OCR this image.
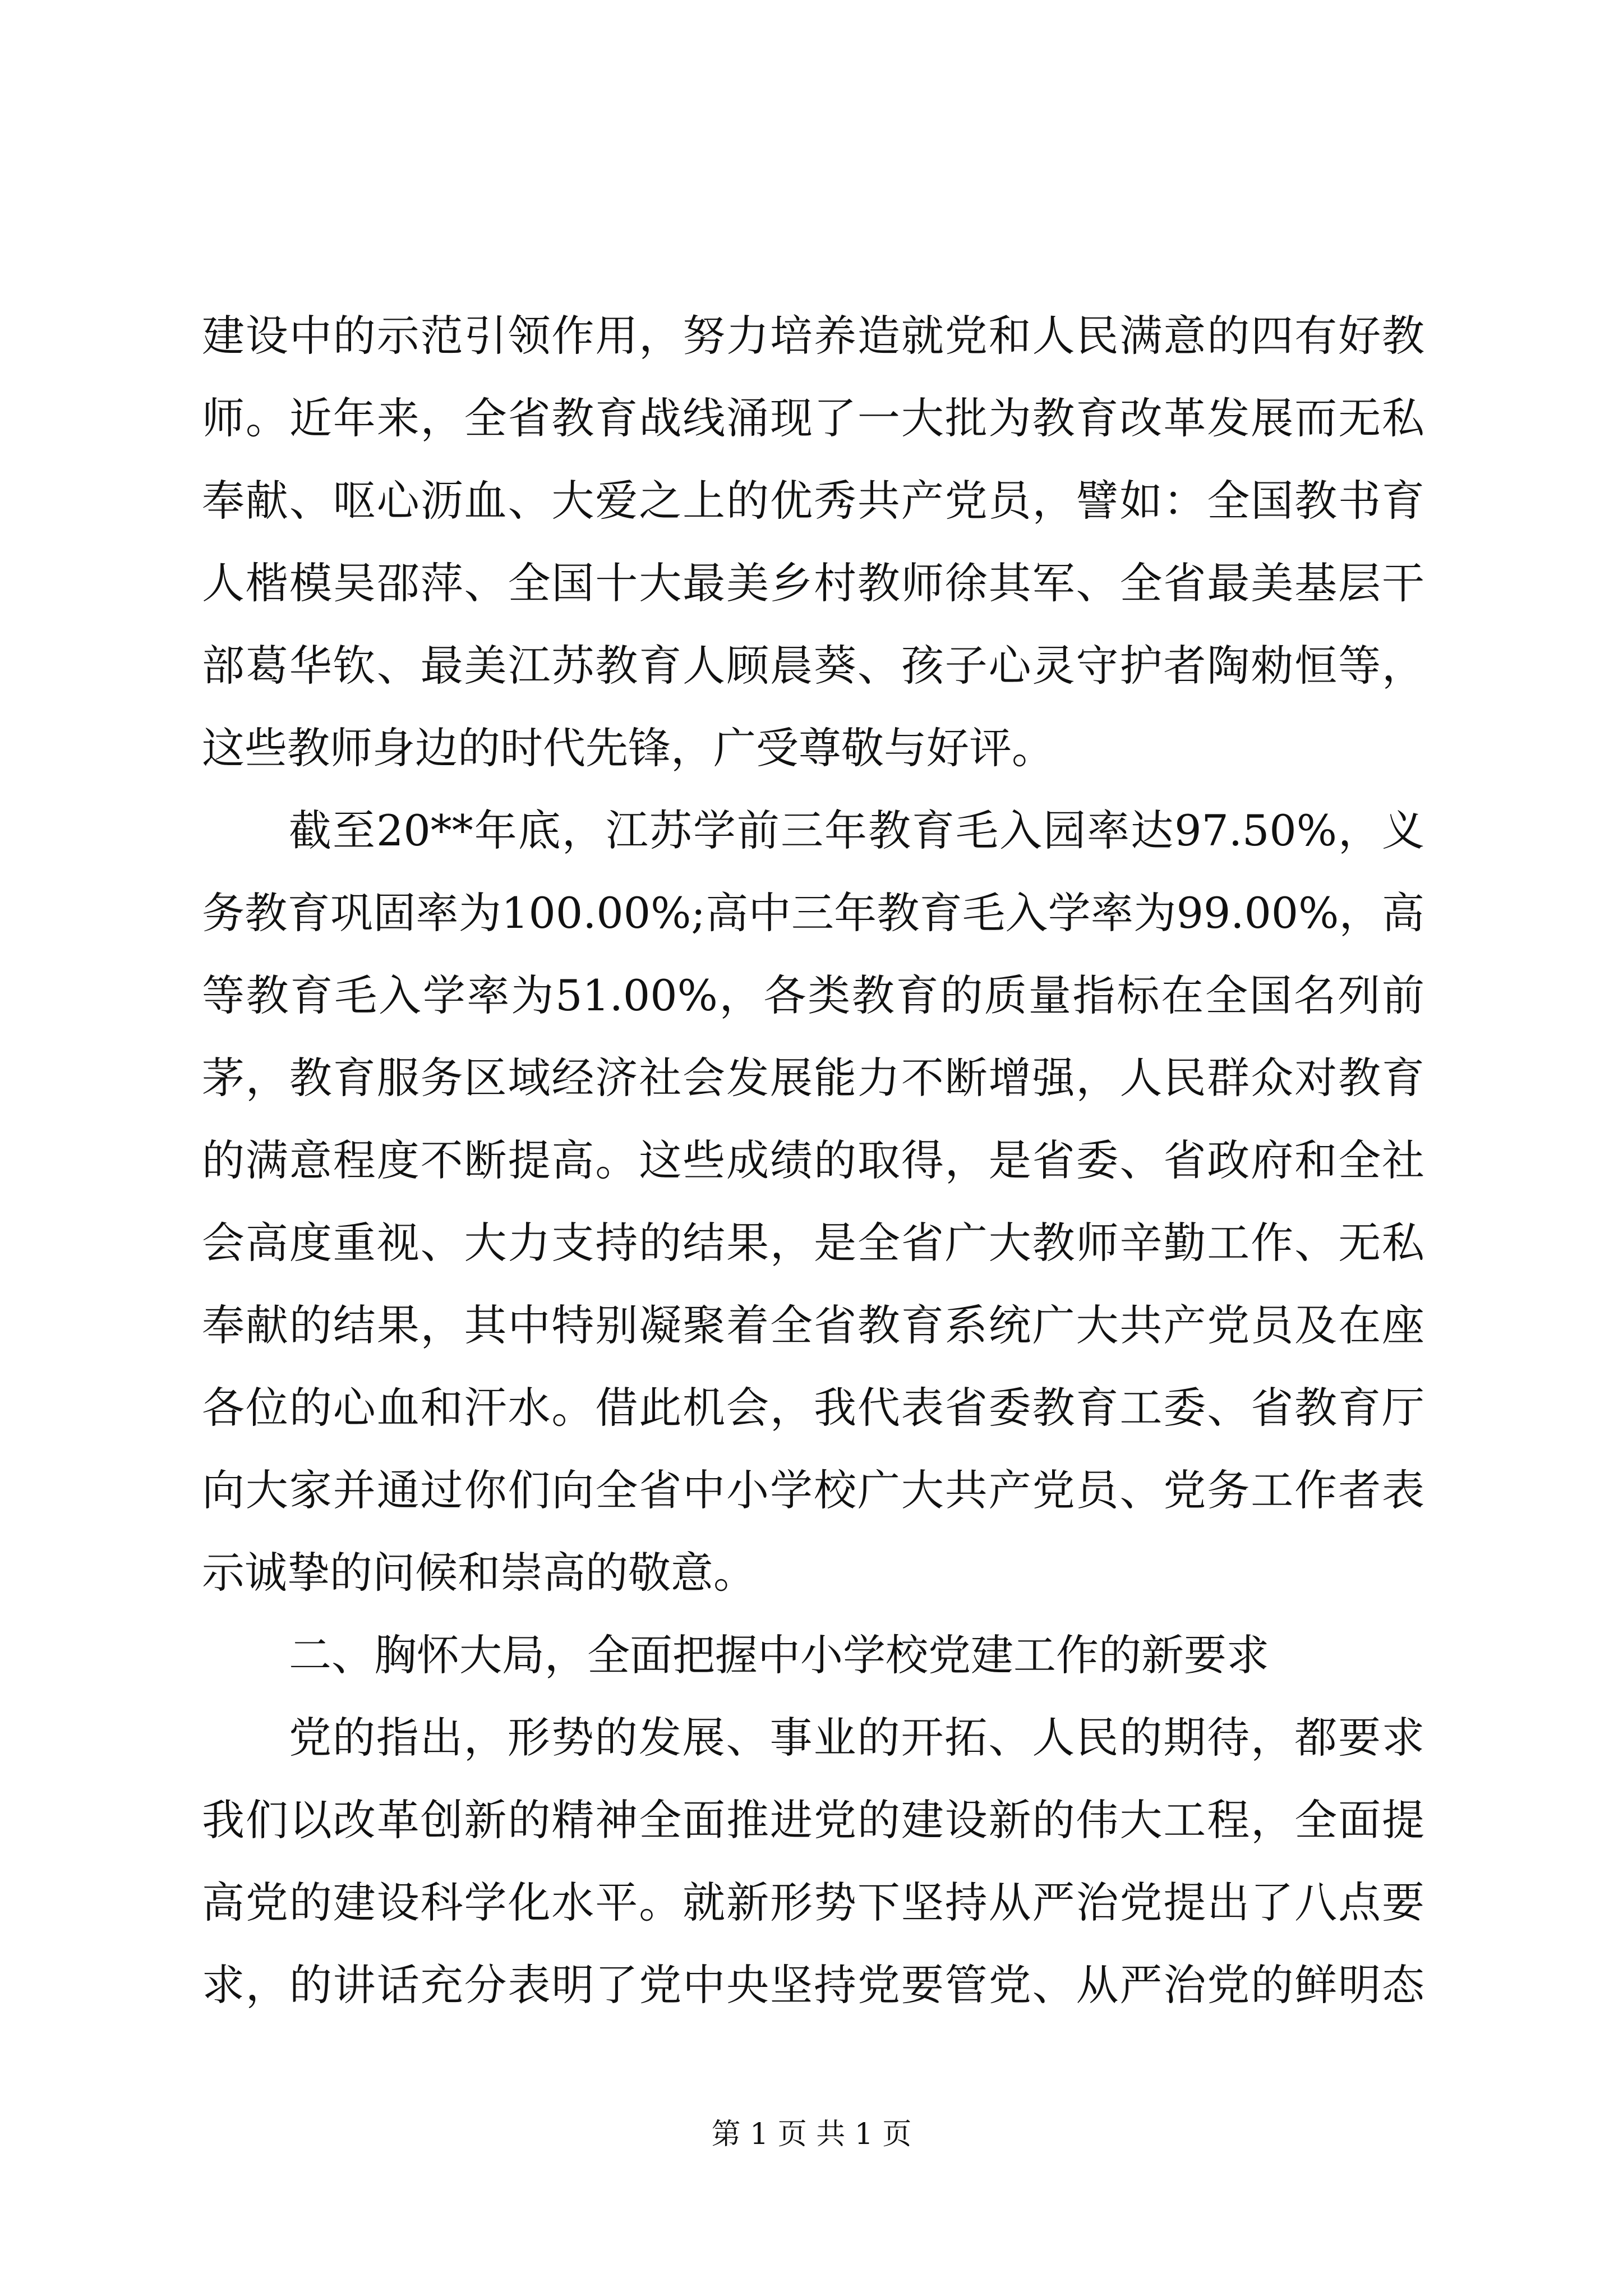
建设中的示范引领作用，努力培养造就党和人民满意的四有好教
师。近年来，全省教育战线涌现了一大批为教育改革发展而无私
奉献、呕心沥血、大爱之上的优秀共产党员，譬如：全国教书育
人楷模吴邵萍、全国十大最美乡村教师徐其军、全省最美基层干
部葛华钦、最美江苏教育人顾晨葵、孩子心灵守护者陶勑恒等，
这些教师身边的时代先锋，广受尊敬与好评。
截至20**年底，江苏学前三年教育毛入园率达97.50%，义
务教育巩固率为100.00%;高中三年教育毛入学率为99.00%，高
等教育毛入学率为51.00%，各类教育的质量指标在全国名列前
茅，教育服务区域经济社会发展能力不断增强，人民群众对教育
的满意程度不断提高。这些成绩的取得，是省委、省政府和全社
会高度重视、大力支持的结果，是全省广大教师辛勤工作、无私
奉献的结果，其中特别凝聚着全省教育系统广大共产党员及在座
各位的心血和汗水。借此机会，我代表省委教育工委、省教育厅
向大家并通过你们向全省中小学校广大共产党员、党务工作者表
示诚挚的问候和崇高的敬意。
二、胸怀大局，全面把握中小学校党建工作的新要求
党的指出，形势的发展、事业的开拓、人民的期待，都要求
我们以改革创新的精神全面推进党的建设新的伟大工程，全面提
高党的建设科学化水平。就新形势下坚持从严治党提出了八点要
求，的讲话充分表明了党中央坚持党要管党、从严治党的鲜明态
第 1 页 共 1 页
